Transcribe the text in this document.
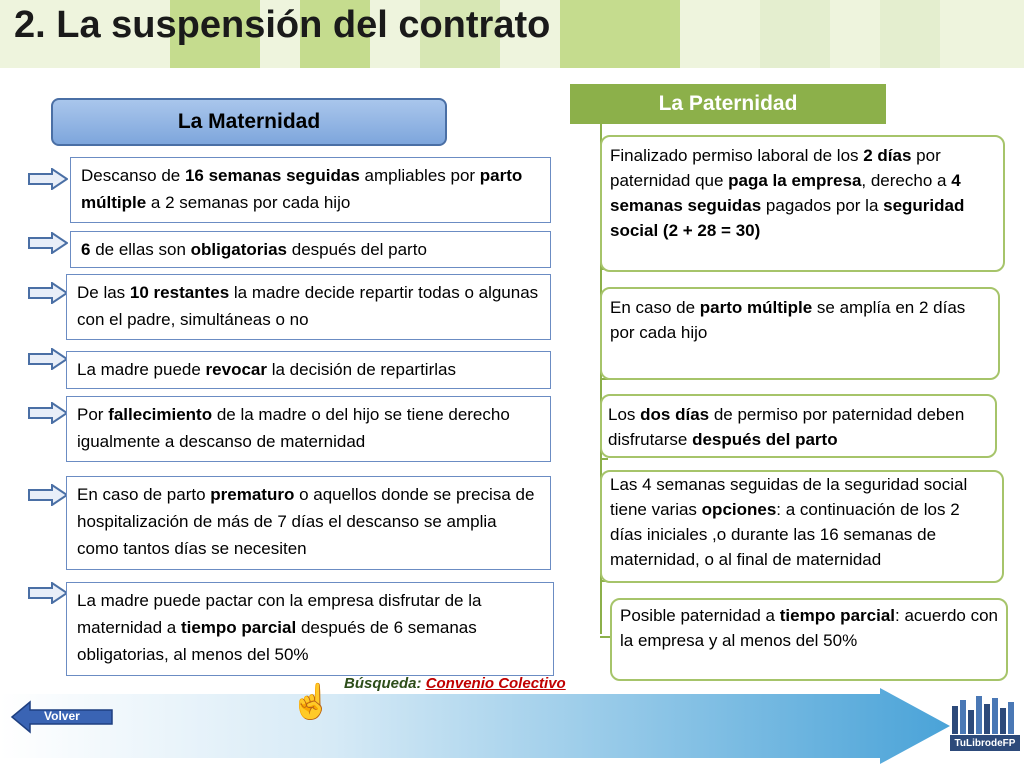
2. La suspensión del contrato
La Maternidad
Descanso de 16 semanas seguidas ampliables por parto múltiple a 2 semanas por cada hijo
6 de ellas son obligatorias después del parto
De las 10 restantes la madre decide repartir todas o algunas con el padre, simultáneas o no
La madre puede revocar la decisión de repartirlas
Por fallecimiento de la madre o del hijo se tiene derecho igualmente a descanso de maternidad
En caso de parto prematuro o aquellos donde se precisa de hospitalización de más de 7 días el descanso se amplia como tantos días se necesiten
La madre puede pactar con la empresa disfrutar de la maternidad a tiempo parcial después de 6 semanas obligatorias, al menos del 50%
La Paternidad
Finalizado permiso laboral de los 2 días por paternidad que paga la empresa, derecho a 4 semanas seguidas pagados por la seguridad social (2 + 28 = 30)
En caso de parto múltiple se amplía en 2 días por cada hijo
Los dos días de permiso por paternidad deben disfrutarse después del parto
Las 4 semanas seguidas de la seguridad social tiene varias opciones: a continuación de los 2 días iniciales ,o durante las 16 semanas de maternidad, o al final de maternidad
Posible paternidad a tiempo parcial: acuerdo con la empresa y al menos del 50%
Búsqueda: Convenio Colectivo
Volver	☝
TuLibrodeFP
